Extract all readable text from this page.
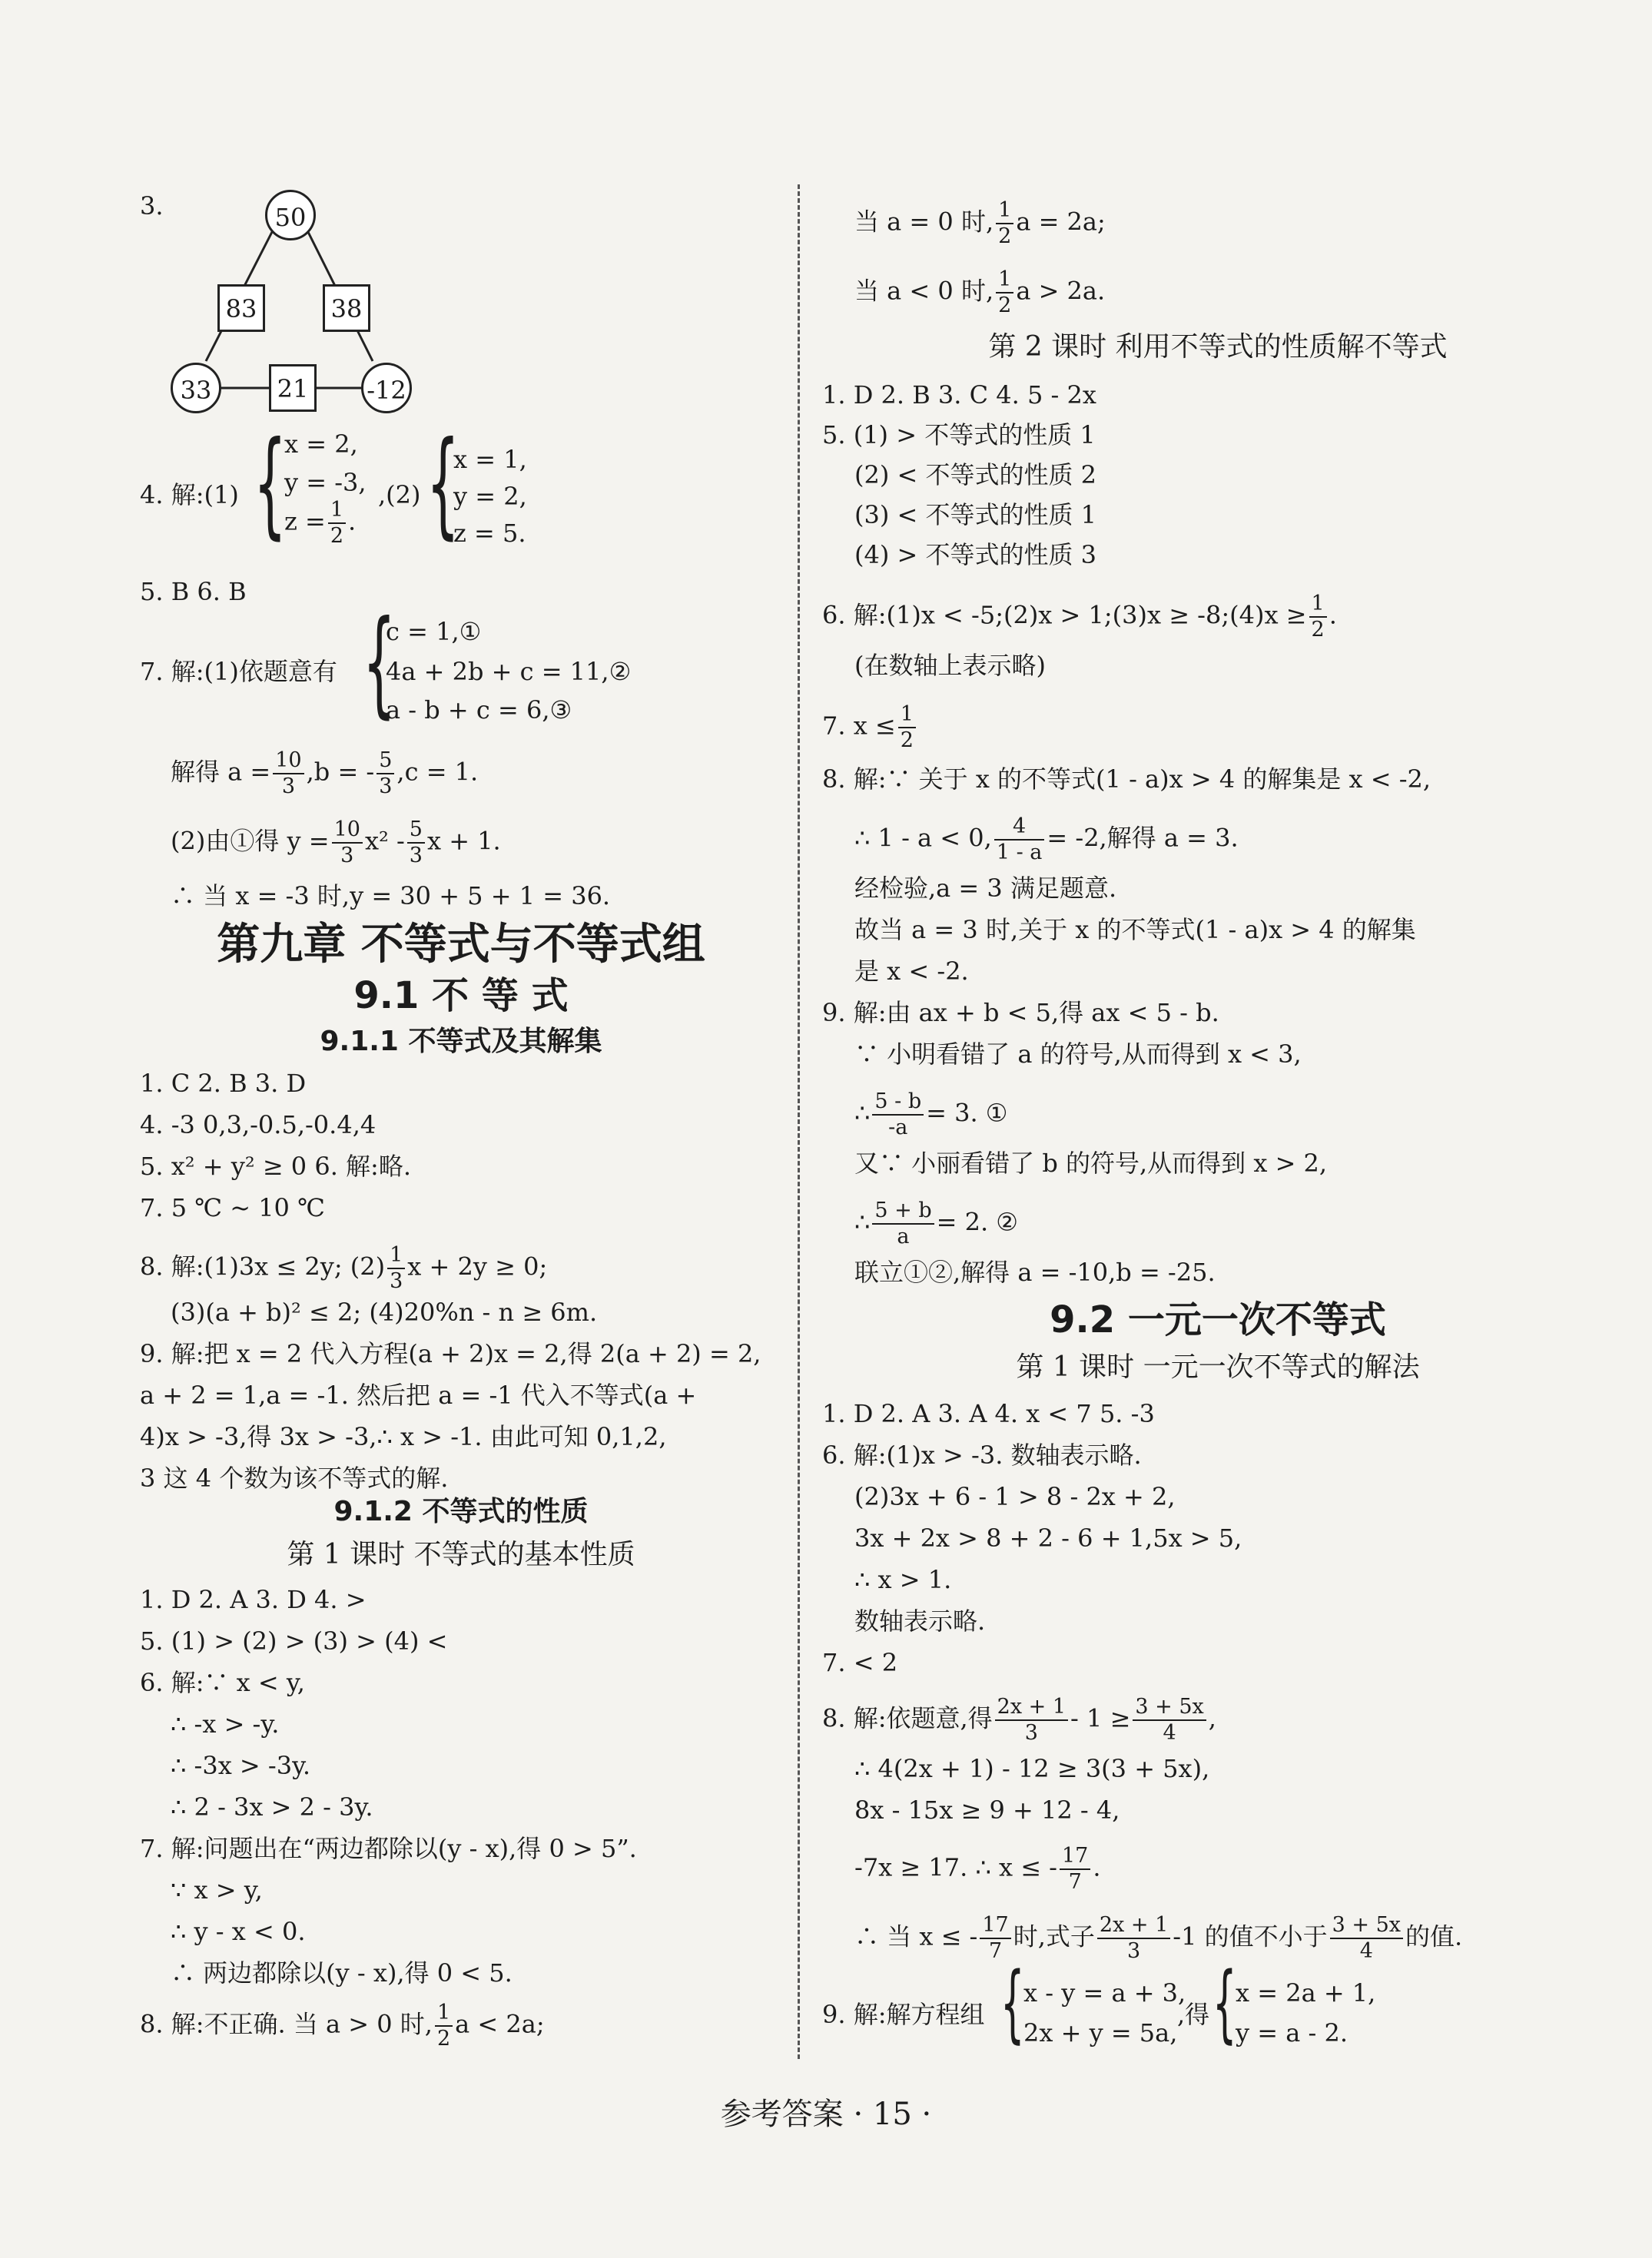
3.	50
83	38
33	21	-12
4. 解:(1) {
x = 2,
y = -3,
$z = \frac{1}{2}$ .
,(2) {
x = 1,
y = 2,
z = 5.
5. B 6. B
7. 解:(1)依题意有 {
c = 1,①
4a + 2b + c = 11,②
a - b + c = 6,③
解得 $a = \frac{10}{3} ,b$ = - $\frac{5}{3} ,c = 1$.
(2)由①得 $y = \frac{10}{3} x^2 - \frac{5}{3}$ x + 1.
∴ 当 x = -3 时,y = 30 + 5 + 1 = 36.
第九章 不等式与不等式组
9.1 不 等 式
9.1.1 不等式及其解集
1. C 2. B 3. D
4. -3 0,3,-0.5,-0.4,4
5. x² + y² ≥ 0 6. 解:略.
7. 5 ℃ ~ 10 ℃
8. 解:(1)3x ≤ 2y; $(2) \frac{1}{3}$ x + 2y ≥ 0;
(3)(a + b)² ≤ 2; (4)20%n - n ≥ 6m.
9. 解:把 x = 2 代入方程(a + 2)x = 2,得 2(a + 2) = 2,
a + 2 = 1,a = -1. 然后把 a = -1 代入不等式(a +
4)x > -3,得 3x > -3,∴ x > -1. 由此可知 0,1,2,
3 这 4 个数为该不等式的解.
9.1.2 不等式的性质
第 1 课时 不等式的基本性质
1. D 2. A 3. D 4. >
5. (1) > (2) > (3) > (4) <
6. 解:∵ x < y,
∴ -x > -y.
∴ -3x > -3y.
∴ 2 - 3x > 2 - 3y.
7. 解:问题出在“两边都除以(y - x),得 0 > 5”.
∵ x > y,
∴ y - x < 0.
∴ 两边都除以(y - x),得 0 < 5.
8. 解:不正确. 当 a > 0 时, $\frac{1}{2}$ a < 2a;
当 a = 0 时, $\frac{1}{2}$ a = 2a;
当 a < 0 时, $\frac{1}{2}$ a > 2a.
第 2 课时 利用不等式的性质解不等式
1. D 2. B 3. C 4. 5 - 2x
5. (1) > 不等式的性质 1
(2) < 不等式的性质 2
(3) < 不等式的性质 1
(4) > 不等式的性质 3
6. 解:(1)x < -5;(2)x > 1;(3)x ≥ -8;(4)x ≥ $\frac{1}{2}$ .
(在数轴上表示略)
7. $x \le \frac{1}{2}$
8. 解:∵ 关于 x 的不等式(1 - a)x > 4 的解集是 x < -2,
∴ 1 - a < 0, $\frac{4}{1 - a} = -2$,解得 a = 3.
经检验,a = 3 满足题意.
故当 a = 3 时,关于 x 的不等式(1 - a)x > 4 的解集
是 x < -2.
9. 解:由 ax + b < 5,得 ax < 5 - b.
∵ 小明看错了 a 的符号,从而得到 x < 3,
∴ $\frac{5 - b}{-a} = 3$. ①
又∵ 小丽看错了 b 的符号,从而得到 x > 2,
∴ $\frac{5 + b}{a} = 2$. ②
联立①②,解得 a = -10,b = -25.
9.2 一元一次不等式
第 1 课时 一元一次不等式的解法
1. D 2. A 3. A 4. x < 7 5. -3
6. 解:(1)x > -3. 数轴表示略.
(2)3x + 6 - 1 > 8 - 2x + 2,
3x + 2x > 8 + 2 - 6 + 1,5x > 5,
∴ x > 1.
数轴表示略.
7. < 2
8. 解:依题意,得 $\frac{2x + 1}{3} - 1 \ge \frac{3 + 5x}{4}$ ,
∴ 4(2x + 1) - 12 ≥ 3(3 + 5x),
8x - 15x ≥ 9 + 12 - 4,
-7x ≥ 17. ∴ x ≤ - $\frac{17}{7}$ .
∴ 当 x ≤ - $\frac{17}{7}$ 时,式子 $\frac{2x + 1}{3} -1$ 的值不小于 $\frac{3 + 5x}{4}$ 的值.
9. 解:解方程组 {
x - y = a + 3,
2x + y = 5a,
,得 {
x = 2a + 1,
y = a - 2.
参考答案 · 15 ·
